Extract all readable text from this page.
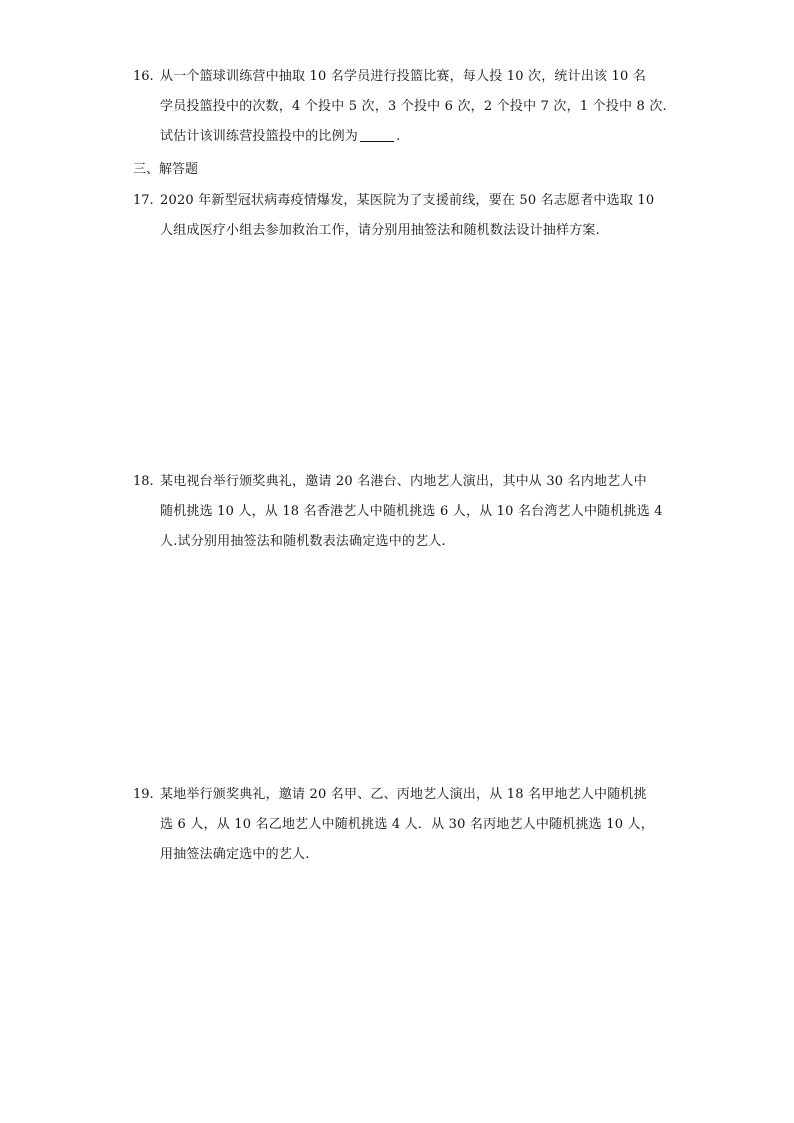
16. 从一个篮球训练营中抽取 10 名学员进行投篮比赛，每人投 10 次，统计出该 10 名
学员投篮投中的次数，4 个投中 5 次，3 个投中 6 次，2 个投中 7 次，1 个投中 8 次.
试估计该训练营投篮投中的比例为	.
三、解答题
17. 2020 年新型冠状病毒疫情爆发，某医院为了支援前线，要在 50 名志愿者中选取 10
人组成医疗小组去参加救治工作，请分别用抽签法和随机数法设计抽样方案.
18. 某电视台举行颁奖典礼，邀请 20 名港台、内地艺人演出，其中从 30 名内地艺人中
随机挑选 10 人，从 18 名香港艺人中随机挑选 6 人，从 10 名台湾艺人中随机挑选 4
人.试分别用抽签法和随机数表法确定选中的艺人.
19. 某地举行颁奖典礼，邀请 20 名甲、乙、丙地艺人演出，从 18 名甲地艺人中随机挑
选 6 人，从 10 名乙地艺人中随机挑选 4 人．从 30 名丙地艺人中随机挑选 10 人，
用抽签法确定选中的艺人.
